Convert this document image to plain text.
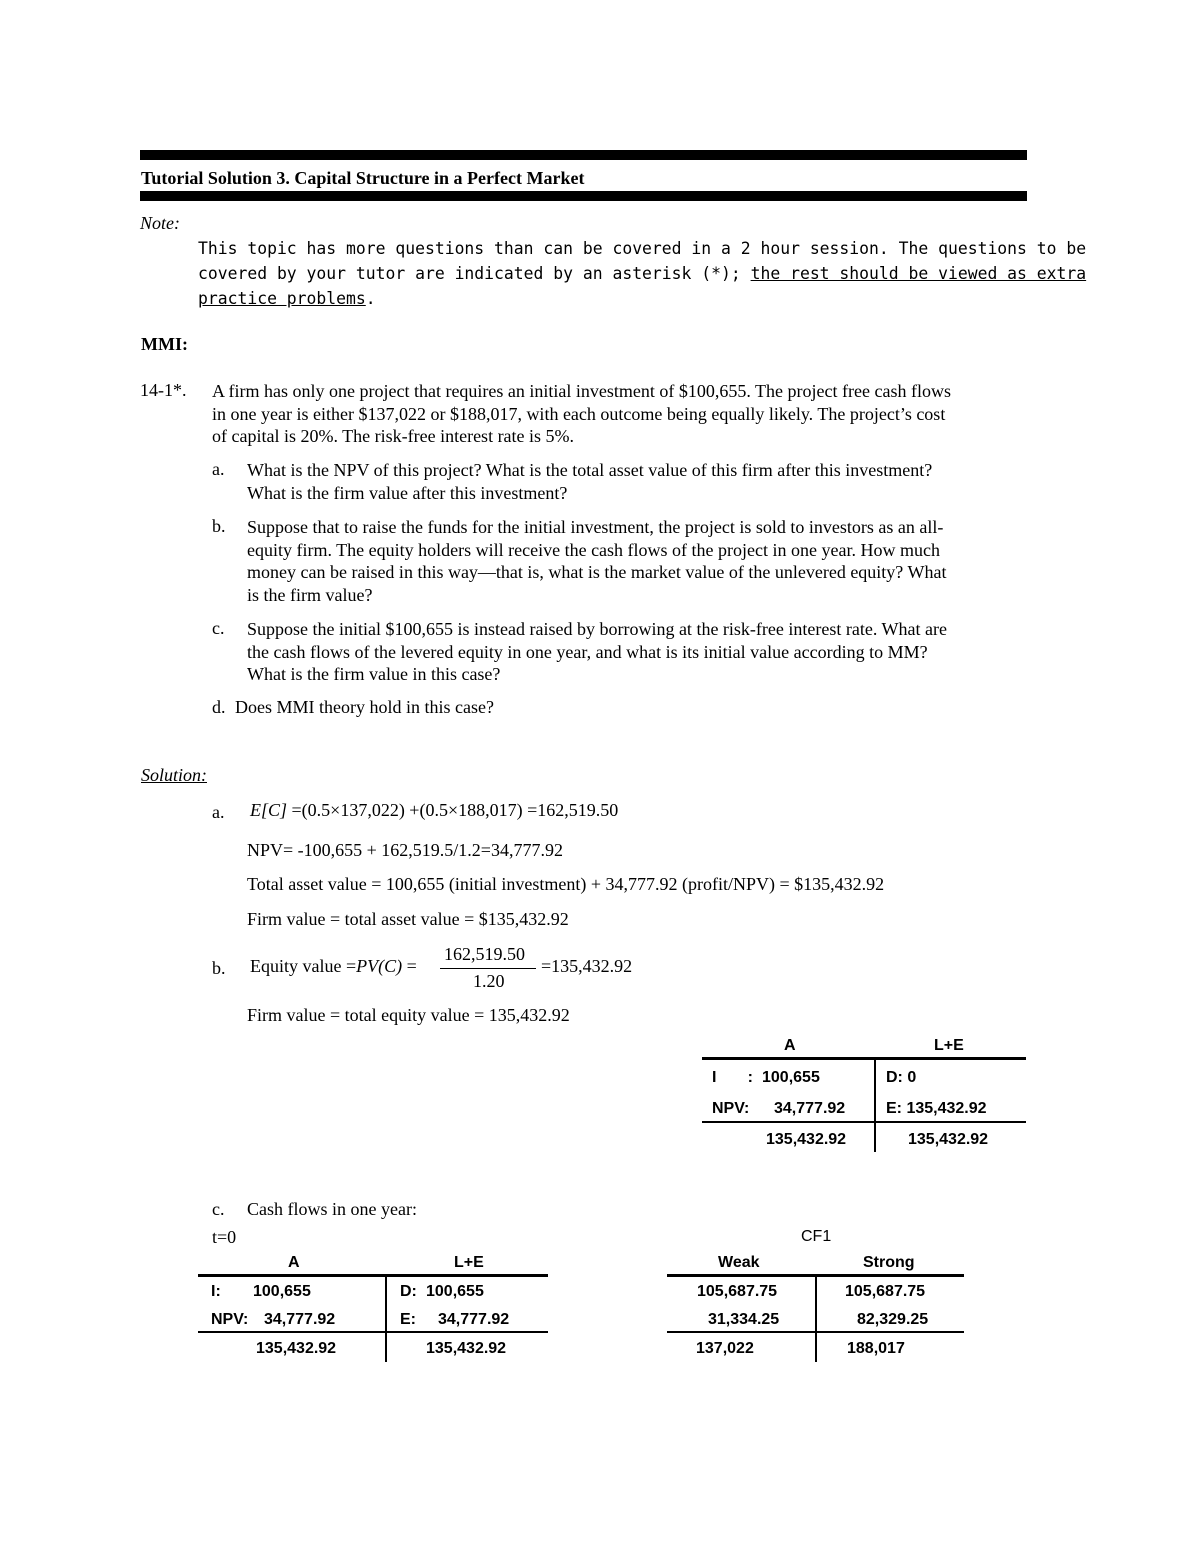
Tutorial Solution 3. Capital Structure in a Perfect Market
Note:
This topic has more questions than can be covered in a 2 hour session. The questions to be
covered by your tutor are indicated by an asterisk (*); the rest should be viewed as extra
practice problems.
MMI:
14-1*. A firm has only one project that requires an initial investment of $100,655. The project free cash flows
in one year is either $137,022 or $188,017, with each outcome being equally likely. The project’s cost
of capital is 20%. The risk-free interest rate is 5%.
a. What is the NPV of this project? What is the total asset value of this firm after this investment?
What is the firm value after this investment?
b. Suppose that to raise the funds for the initial investment, the project is sold to investors as an all-
equity firm. The equity holders will receive the cash flows of the project in one year. How much
money can be raised in this way—that is, what is the market value of the unlevered equity? What
is the firm value?
c. Suppose the initial $100,655 is instead raised by borrowing at the risk-free interest rate. What are
the cash flows of the levered equity in one year, and what is its initial value according to MM?
What is the firm value in this case?
d. Does MMI theory hold in this case?
Solution:
a. E[C] =(0.5×137,022) +(0.5×188,017) =162,519.50
NPV= -100,655 + 162,519.5/1.2=34,777.92
Total asset value = 100,655 (initial investment) + 34,777.92 (profit/NPV) = $135,432.92
Firm value = total asset value = $135,432.92
b. Equity value =PV(C) =
162,519.50
1.20
=135,432.92
Firm value = total equity value = 135,432.92
A	L+E
I       : 100,655	D: 0
NPV: 34,777.92	E: 135,432.92
135,432.92	135,432.92
c. Cash flows in one year:
t=0
A	L+E
I: 100,655	D: 100,655
NPV: 34,777.92	E: 34,777.92
135,432.92	135,432.92
CF1
Weak	Strong
105,687.75	105,687.75
31,334.25	82,329.25
137,022	188,017
